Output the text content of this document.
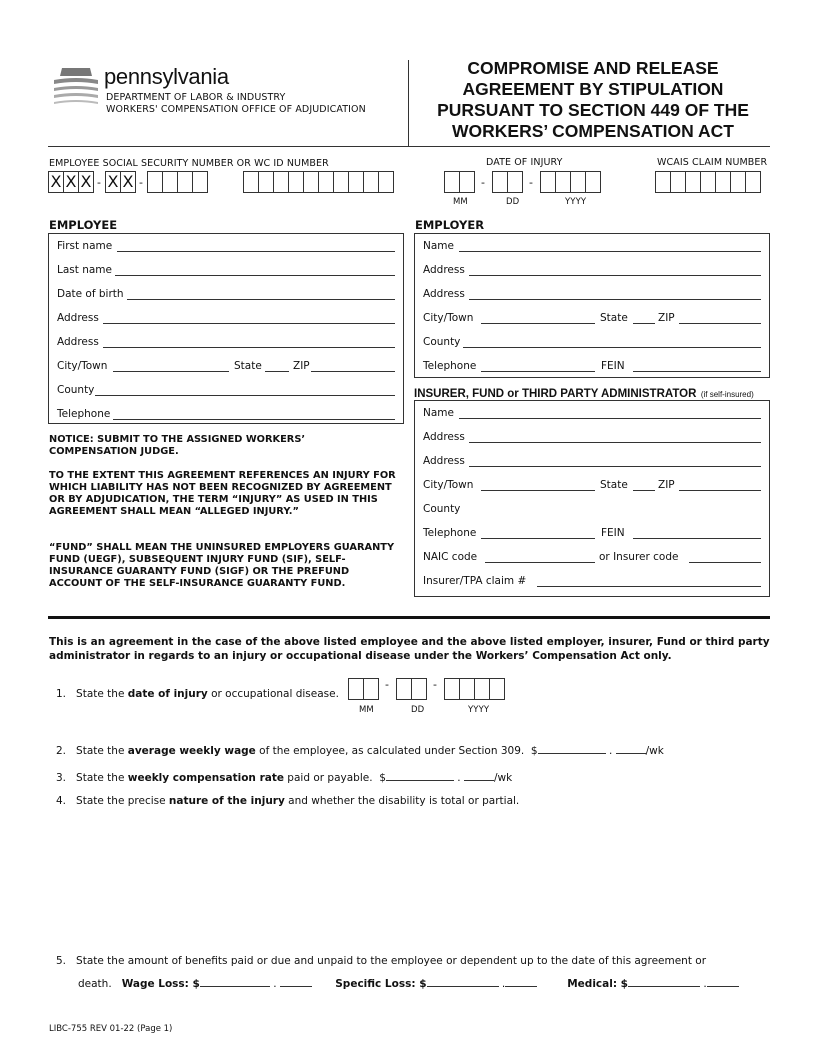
pennsylvania
DEPARTMENT OF LABOR & INDUSTRY
WORKERS' COMPENSATION OFFICE OF ADJUDICATION
COMPROMISE AND RELEASE
AGREEMENT BY STIPULATION
PURSUANT TO SECTION 449 OF THE
WORKERS’ COMPENSATION ACT
EMPLOYEE SOCIAL SECURITY NUMBER OR WC ID NUMBER	DATE OF INJURY	WCAIS CLAIM NUMBER
X X X - X X -	-	-
MM	DD	YYYY
EMPLOYEE
First name
Last name
Date of birth
Address
Address
City/Town	State	ZIP
County
Telephone
NOTICE: SUBMIT TO THE ASSIGNED WORKERS’ COMPENSATION JUDGE.
TO THE EXTENT THIS AGREEMENT REFERENCES AN INJURY FOR WHICH LIABILITY HAS NOT BEEN RECOGNIZED BY AGREEMENT OR BY ADJUDICATION, THE TERM “INJURY” AS USED IN THIS AGREEMENT SHALL MEAN “ALLEGED INJURY.”
“FUND” SHALL MEAN THE UNINSURED EMPLOYERS GUARANTY FUND (UEGF), SUBSEQUENT INJURY FUND (SIF), SELF-INSURANCE GUARANTY FUND (SIGF) OR THE PREFUND ACCOUNT OF THE SELF-INSURANCE GUARANTY FUND.
EMPLOYER
Name
Address
Address
City/Town	State	ZIP
County
Telephone	FEIN
INSURER, FUND or THIRD PARTY ADMINISTRATOR (if self-insured)
Name
Address
Address
City/Town	State	ZIP
County
Telephone	FEIN
NAIC code	or Insurer code
Insurer/TPA claim #
This is an agreement in the case of the above listed employee and the above listed employer, insurer, Fund or third party administrator in regards to an injury or occupational disease under the Workers’ Compensation Act only.
1. State the date of injury or occupational disease.
-	-
MM	DD	YYYY
2. State the average weekly wage of the employee, as calculated under Section 309. $	.	/wk
3. State the weekly compensation rate paid or payable. $	.	/wk
4. State the precise nature of the injury and whether the disability is total or partial.
5. State the amount of benefits paid or due and unpaid to the employee or dependent up to the date of this agreement or
death. Wage Loss: $	.	Specific Loss: $	.	Medical: $	.
LIBC-755 REV 01-22 (Page 1)
